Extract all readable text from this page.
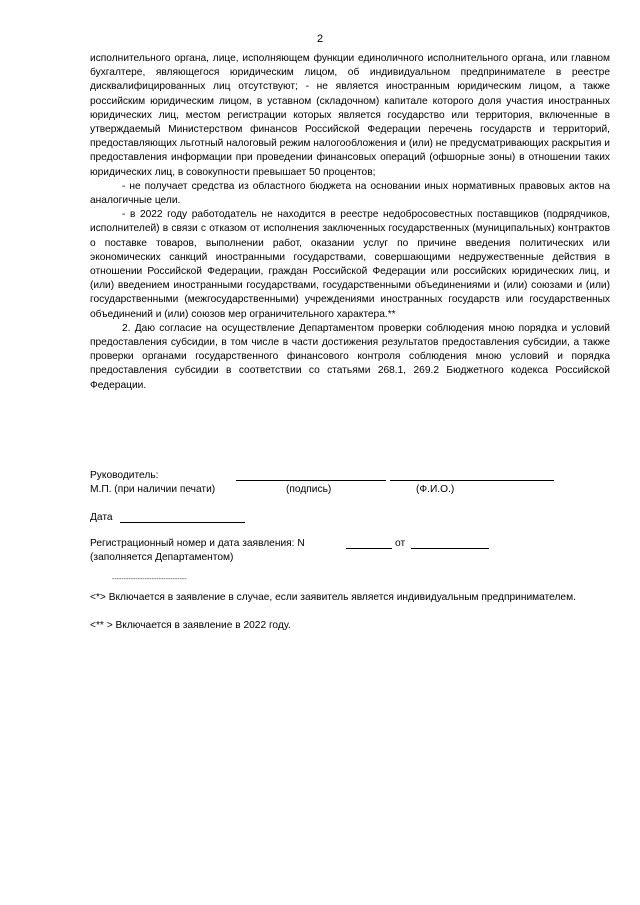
2

исполнительного органа, лице, исполняющем функции единоличного исполнительного органа, или главном бухгалтере, являющегося юридическим лицом, об индивидуальном предпринимателе в реестре дисквалифицированных лиц отсутствуют; - не является иностранным юридическим лицом, а также российским юридическим лицом, в уставном (складочном) капитале которого доля участия иностранных юридических лиц, местом регистрации которых является государство или территория, включенные в утверждаемый Министерством финансов Российской Федерации перечень государств и территорий, предоставляющих льготный налоговый режим налогообложения и (или) не предусматривающих раскрытия и предоставления информации при проведении финансовых операций (офшорные зоны) в отношении таких юридических лиц, в совокупности превышает 50 процентов;

- не получает средства из областного бюджета на основании иных нормативных правовых актов на аналогичные цели.

- в 2022 году работодатель не находится в реестре недобросовестных поставщиков (подрядчиков, исполнителей) в связи с отказом от исполнения заключенных государственных (муниципальных) контрактов о поставке товаров, выполнении работ, оказании услуг по причине введения политических или экономических санкций иностранными государствами, совершающими недружественные действия в отношении Российской Федерации, граждан Российской Федерации или российских юридических лиц, и (или) введением иностранными государствами, государственными объединениями и (или) союзами и (или) государственными (межгосударственными) учреждениями иностранных государств или государственных объединений и (или) союзов мер ограничительного характера.**

2. Даю согласие на осуществление Департаментом проверки соблюдения мною порядка и условий предоставления субсидии, в том числе в части достижения результатов предоставления субсидии, а также проверки органами государственного финансового контроля соблюдения мною условий и порядка предоставления субсидии в соответствии со статьями 268.1, 269.2 Бюджетного кодекса Российской Федерации.

Руководитель:
М.П. (при наличии печати)	(подпись)	(Ф.И.О.)
Дата
Регистрационный номер и дата заявления: N	от
(заполняется Департаментом)
--------------------------------
<*> Включается в заявление в случае, если заявитель является индивидуальным предпринимателем.
<** > Включается в заявление в 2022 году.
